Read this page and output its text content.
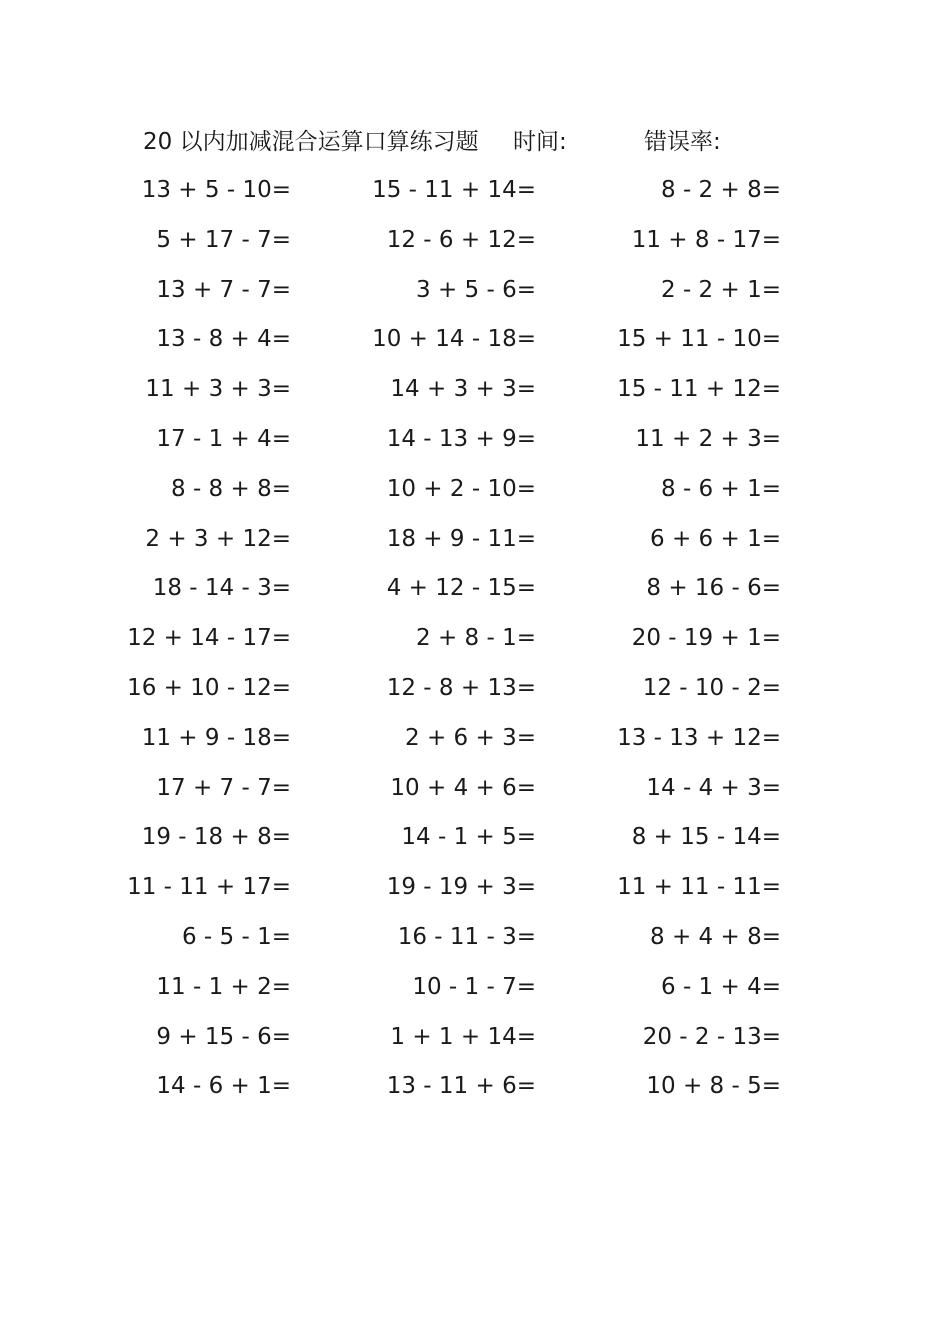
20 以内加减混合运算口算练习题 时间:	错误率:
13 + 5 - 10=	15 - 11 + 14=	8 - 2 + 8=
5 + 17 - 7=	12 - 6 + 12=	11 + 8 - 17=
13 + 7 - 7=	3 + 5 - 6=	2 - 2 + 1=
13 - 8 + 4=	10 + 14 - 18=	15 + 11 - 10=
11 + 3 + 3=	14 + 3 + 3=	15 - 11 + 12=
17 - 1 + 4=	14 - 13 + 9=	11 + 2 + 3=
8 - 8 + 8=	10 + 2 - 10=	8 - 6 + 1=
2 + 3 + 12=	18 + 9 - 11=	6 + 6 + 1=
18 - 14 - 3=	4 + 12 - 15=	8 + 16 - 6=
12 + 14 - 17=	2 + 8 - 1=	20 - 19 + 1=
16 + 10 - 12=	12 - 8 + 13=	12 - 10 - 2=
11 + 9 - 18=	2 + 6 + 3=	13 - 13 + 12=
17 + 7 - 7=	10 + 4 + 6=	14 - 4 + 3=
19 - 18 + 8=	14 - 1 + 5=	8 + 15 - 14=
11 - 11 + 17=	19 - 19 + 3=	11 + 11 - 11=
6 - 5 - 1=	16 - 11 - 3=	8 + 4 + 8=
11 - 1 + 2=	10 - 1 - 7=	6 - 1 + 4=
9 + 15 - 6=	1 + 1 + 14=	20 - 2 - 13=
14 - 6 + 1=	13 - 11 + 6=	10 + 8 - 5=
